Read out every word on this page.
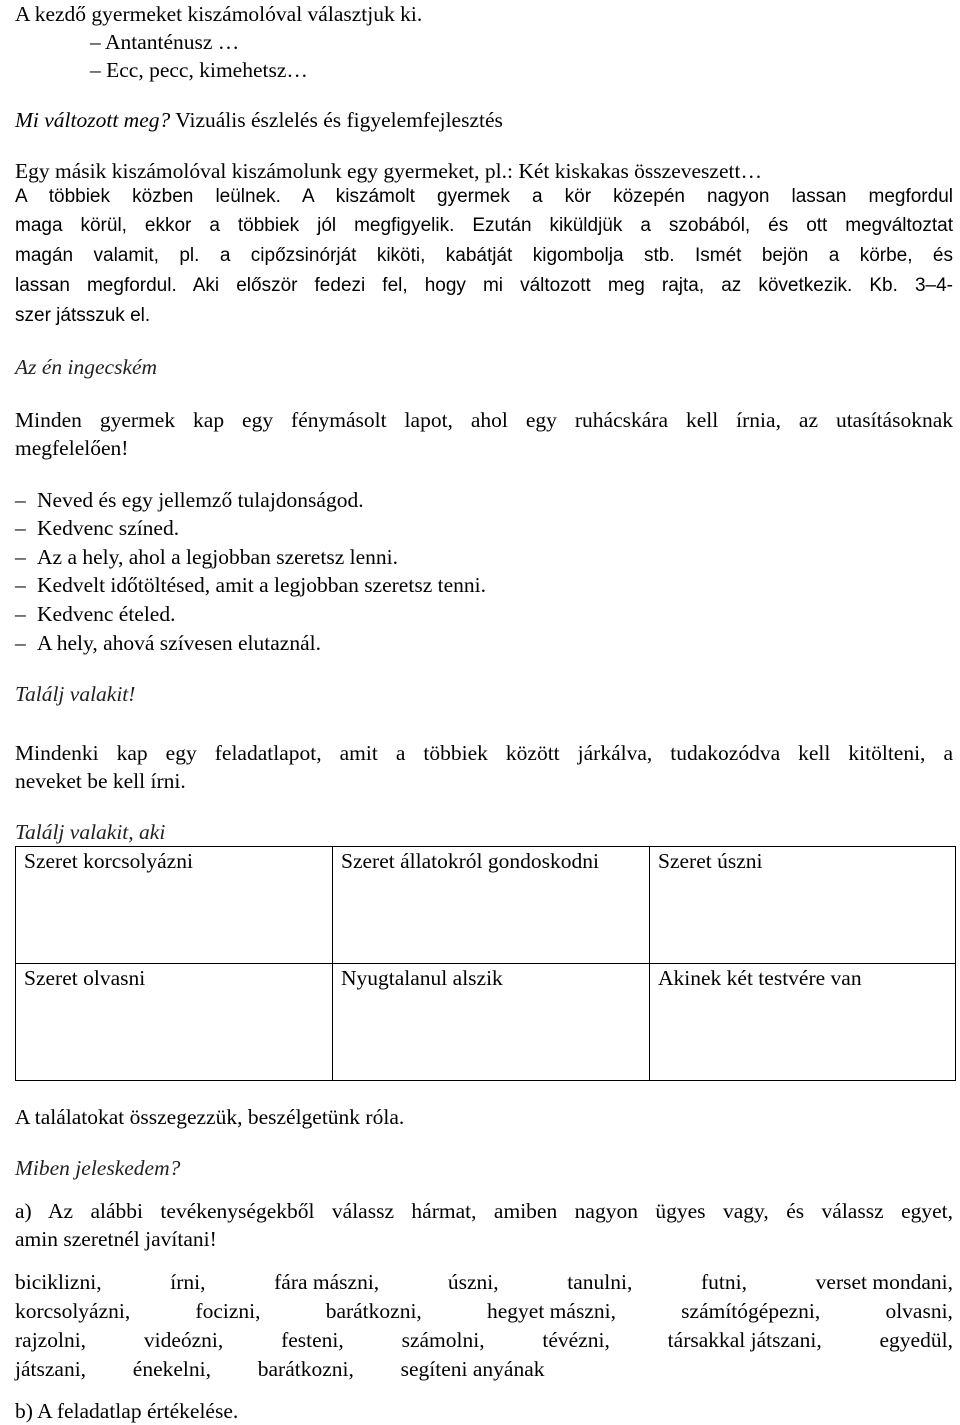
A kezdő gyermeket kiszámolóval választjuk ki.
– Antanténusz …
– Ecc, pecc, kimehetsz…
Mi változott meg? Vizuális észlelés és figyelemfejlesztés
Egy másik kiszámolóval kiszámolunk egy gyermeket, pl.: Két kiskakas összeveszett…
A többiek közben leülnek. A kiszámolt gyermek a kör közepén nagyon lassan megfordul
maga körül, ekkor a többiek jól megfigyelik. Ezután kiküldjük a szobából, és ott megváltoztat
magán valamit, pl. a cipőzsinórját kiköti, kabátját kigombolja stb. Ismét bejön a körbe, és
lassan megfordul. Aki először fedezi fel, hogy mi változott meg rajta, az következik. Kb. 3–4-
szer játsszuk el.
Az én ingecském
Minden gyermek kap egy fénymásolt lapot, ahol egy ruhácskára kell írnia, az utasításoknak
megfelelően!
– Neved és egy jellemző tulajdonságod.
– Kedvenc színed.
– Az a hely, ahol a legjobban szeretsz lenni.
– Kedvelt időtöltésed, amit a legjobban szeretsz tenni.
– Kedvenc ételed.
– A hely, ahová szívesen elutaznál.
Találj valakit!
Mindenki kap egy feladatlapot, amit a többiek között járkálva, tudakozódva kell kitölteni, a
neveket be kell írni.
Találj valakit, aki
Szeret korcsolyázni	Szeret állatokról gondoskodni	Szeret úszni
Szeret olvasni	Nyugtalanul alszik	Akinek két testvére van
A találatokat összegezzük, beszélgetünk róla.
Miben jeleskedem?
a) Az alábbi tevékenységekből válassz hármat, amiben nagyon ügyes vagy, és válassz egyet,
amin szeretnél javítani!
biciklizni,	írni,	fára mászni,	úszni,	tanulni,	futni,	verset mondani,
korcsolyázni,	focizni,	barátkozni,	hegyet mászni,	számítógépezni,	olvasni,
rajzolni,	videózni,	festeni,	számolni,	tévézni,	társakkal játszani,	egyedül,
játszani, énekelni, barátkozni, segíteni anyának
b) A feladatlap értékelése.
